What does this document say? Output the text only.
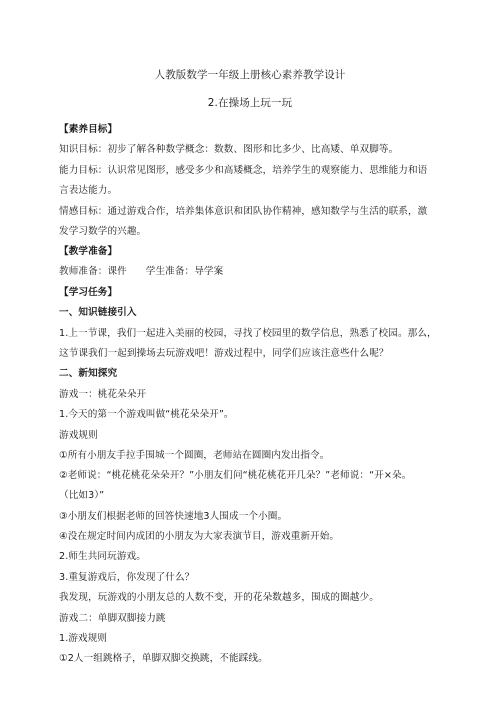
人教版数学一年级上册核心素养教学设计
2.在操场上玩一玩
【素养目标】
知识目标：初步了解各种数学概念：数数、图形和比多少、比高矮、单双脚等。
能力目标：认识常见图形，感受多少和高矮概念，培养学生的观察能力、思维能力和语
言表达能力。
情感目标：通过游戏合作，培养集体意识和团队协作精神，感知数学与生活的联系，激
发学习数学的兴趣。
【教学准备】
教师准备：课件      学生准备：导学案
【学习任务】
一、知识链接引入
1.上一节课，我们一起进入美丽的校园，寻找了校园里的数学信息，熟悉了校园。那么，
这节课我们一起到操场去玩游戏吧！游戏过程中，同学们应该注意些什么呢？
二、新知探究
游戏一：桃花朵朵开
1.今天的第一个游戏叫做“桃花朵朵开”。
游戏规则
①所有小朋友手拉手围城一个圆圈，老师站在圆圈内发出指令。
②老师说：“桃花桃花朵朵开？”小朋友们问“桃花桃花开几朵？”老师说：“开×朵。
（比如3）”
③小朋友们根据老师的回答快速地3人围成一个小圈。
④没在规定时间内成团的小朋友为大家表演节目，游戏重新开始。
2.师生共同玩游戏。
3.重复游戏后，你发现了什么？
我发现，玩游戏的小朋友总的人数不变，开的花朵数越多，围成的圈越少。
游戏二：单脚双脚接力跳
1.游戏规则
①2人一组跳格子，单脚双脚交换跳，不能踩线。
